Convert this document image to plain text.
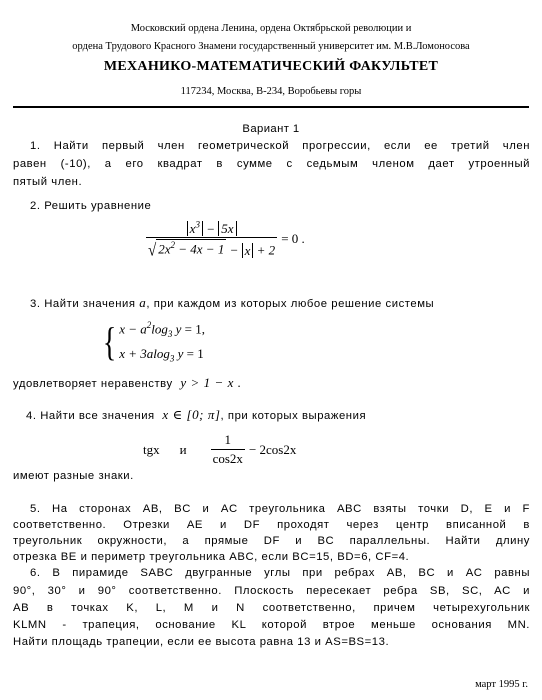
Московский ордена Ленина, ордена Октябрьской революции и
ордена Трудового Красного Знамени государственный университет им. М.В.Ломоносова
МЕХАНИКО-МАТЕМАТИЧЕСКИЙ ФАКУЛЬТЕТ
117234, Москва, В-234, Воробьевы горы
Вариант 1
1. Найти первый член геометрической прогрессии, если ее третий член
равен (-10), а его квадрат в сумме с седьмым членом дает утроенный
пятый член.
2. Решить уравнение
$\frac{x^3 - 5x}{√ 2x^2 - 4x - 1 - x + 2} = 0$ .
3. Найти значения a, при каждом из которых любое решение системы
{ $x - a^2\log_3$ y = 1,
x + 3alog$_3$ y = 1
удовлетворяет неравенству y > 1 − x .
4. Найти все значения x ∈ [0; π], при которых выражения
tgx и $\frac{1}{\cos 2x} - 2\cos 2x$
имеют разные знаки.
5. На сторонах AB, BC и AC треугольника ABC взяты точки D, E и F
соответственно. Отрезки AE и DF проходят через центр вписанной в
треугольник окружности, а прямые DF и BC параллельны. Найти длину
отрезка BE и периметр треугольника ABC, если BC=15, BD=6, CF=4.
6. В пирамиде SABC двугранные углы при ребрах AB, BC и AC равны
90°, 30° и 90° соответственно. Плоскость пересекает ребра SB, SC, AC и
AB в точках K, L, M и N соответственно, причем четырехугольник
KLMN - трапеция, основание KL которой втрое меньше основания MN.
Найти площадь трапеции, если ее высота равна 13 и AS=BS=13.
март 1995 г.
